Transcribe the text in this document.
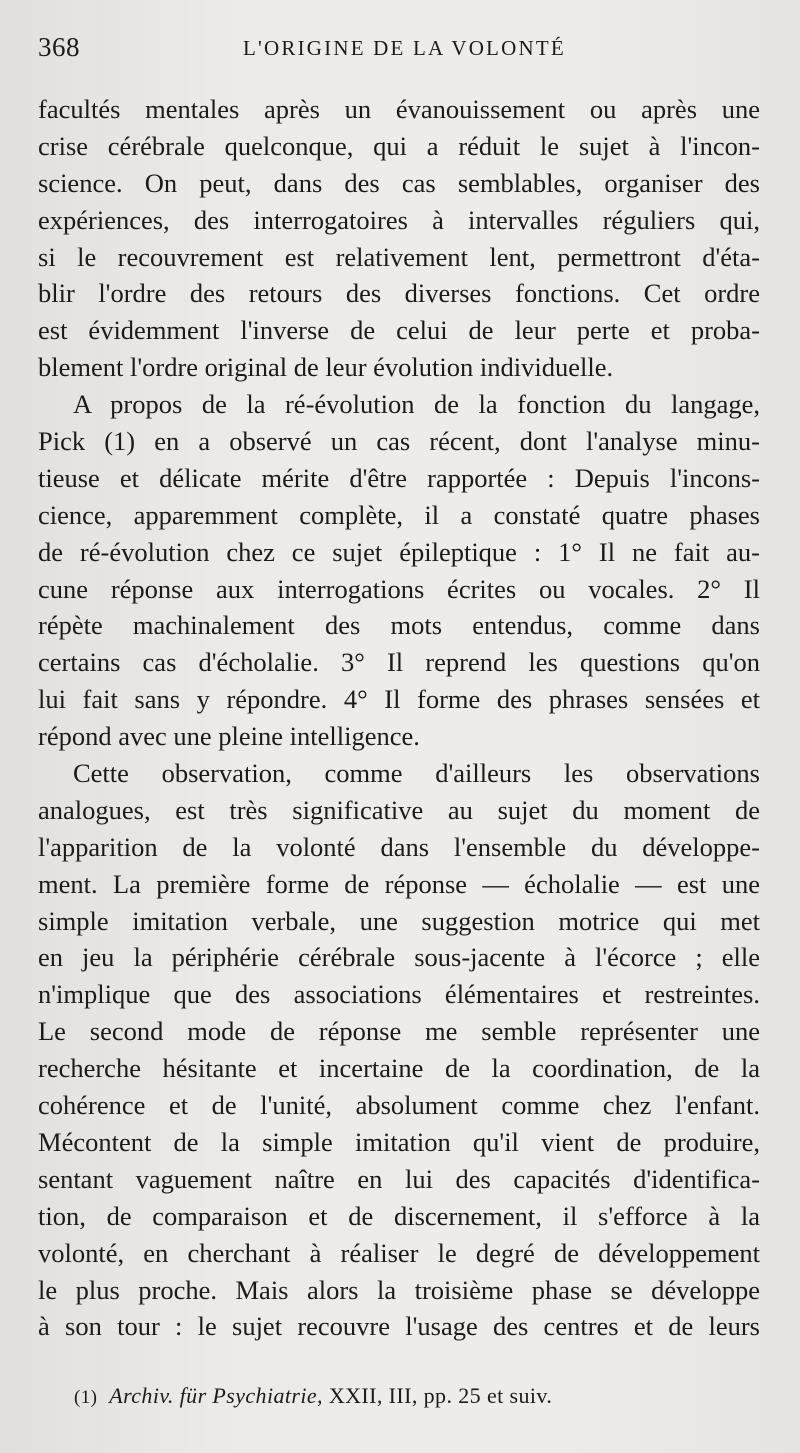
368	L'ORIGINE DE LA VOLONTÉ
facultés mentales après un évanouissement ou après une
crise cérébrale quelconque, qui a réduit le sujet à l'incon-
science. On peut, dans des cas semblables, organiser des
expériences, des interrogatoires à intervalles réguliers qui,
si le recouvrement est relativement lent, permettront d'éta-
blir l'ordre des retours des diverses fonctions. Cet ordre
est évidemment l'inverse de celui de leur perte et proba-
blement l'ordre original de leur évolution individuelle.
A propos de la ré-évolution de la fonction du langage,
Pick (1) en a observé un cas récent, dont l'analyse minu-
tieuse et délicate mérite d'être rapportée : Depuis l'incons-
cience, apparemment complète, il a constaté quatre phases
de ré-évolution chez ce sujet épileptique : 1° Il ne fait au-
cune réponse aux interrogations écrites ou vocales. 2° Il
répète machinalement des mots entendus, comme dans
certains cas d'écholalie. 3° Il reprend les questions qu'on
lui fait sans y répondre. 4° Il forme des phrases sensées et
répond avec une pleine intelligence.
Cette observation, comme d'ailleurs les observations
analogues, est très significative au sujet du moment de
l'apparition de la volonté dans l'ensemble du développe-
ment. La première forme de réponse — écholalie — est une
simple imitation verbale, une suggestion motrice qui met
en jeu la périphérie cérébrale sous-jacente à l'écorce ; elle
n'implique que des associations élémentaires et restreintes.
Le second mode de réponse me semble représenter une
recherche hésitante et incertaine de la coordination, de la
cohérence et de l'unité, absolument comme chez l'enfant.
Mécontent de la simple imitation qu'il vient de produire,
sentant vaguement naître en lui des capacités d'identifica-
tion, de comparaison et de discernement, il s'efforce à la
volonté, en cherchant à réaliser le degré de développement
le plus proche. Mais alors la troisième phase se développe
à son tour : le sujet recouvre l'usage des centres et de leurs
(1) Archiv. für Psychiatrie, XXII, III, pp. 25 et suiv.
